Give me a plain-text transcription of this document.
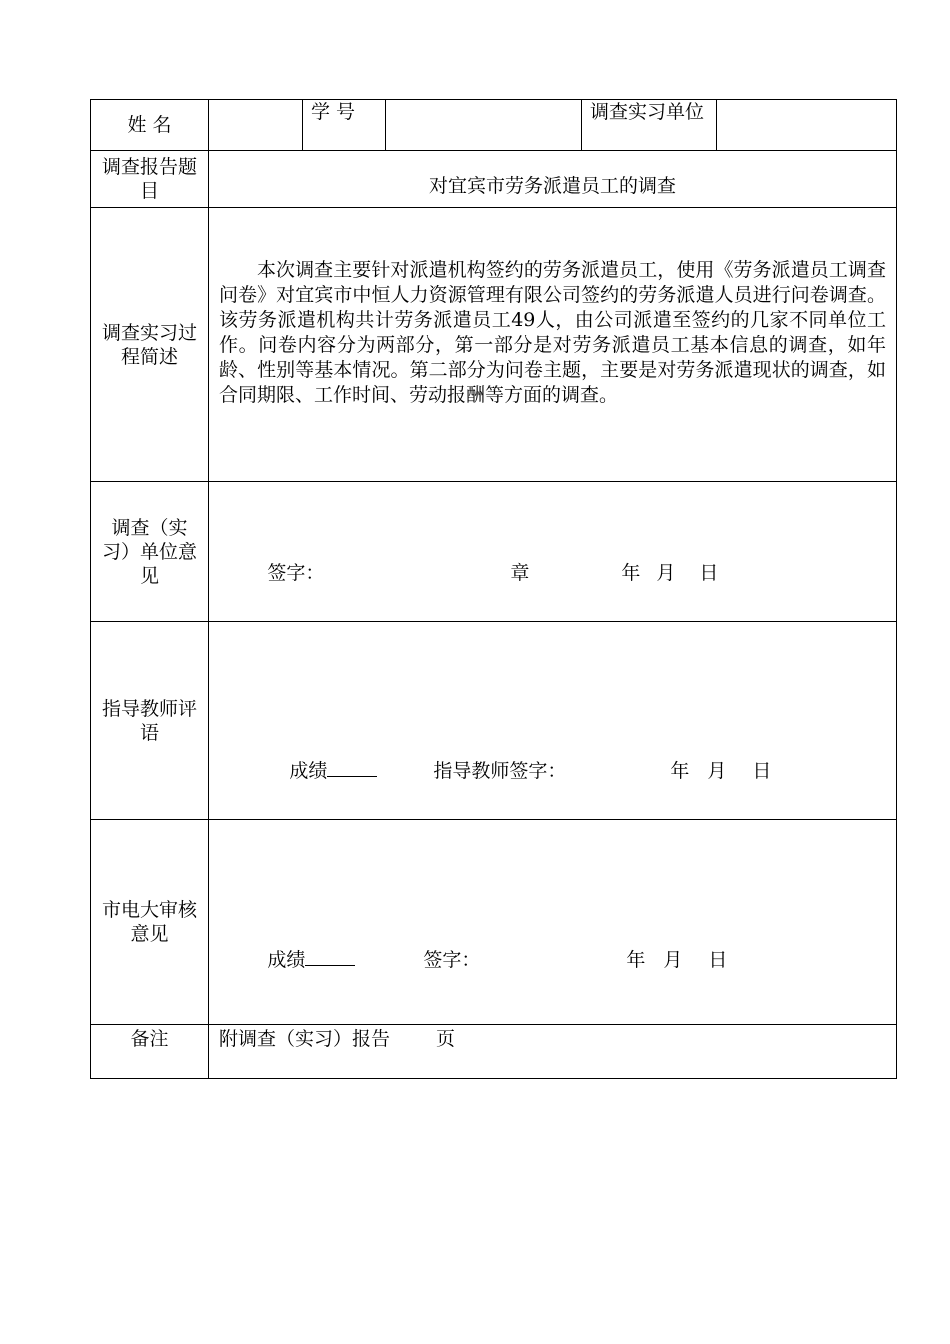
姓 名		学 号		调查实习单位	

调查报告题目	对宜宾市劳务派遣员工的调查				

调查实习过程简述	本次调查主要针对派遣机构签约的劳务派遣员工，使用《劳务派遣员工调查问卷》对宜宾市中恒人力资源管理有限公司签约的劳务派遣人员进行问卷调查。该劳务派遣机构共计劳务派遣员工49人，由公司派遣至签约的几家不同单位工作。问卷内容分为两部分，第一部分是对劳务派遣员工基本信息的调查，如年龄、性别等基本情况。第二部分为问卷主题，主要是对劳务派遣现状的调查，如合同期限、工作时间、劳动报酬等方面的调查。				

调查（实习）单位意见	签字： 章 年 月 日				

指导教师评语	成绩 指导教师签字： 年 月 日				

市电大审核
意见	成绩 签字： 年 月 日				

备注	附调查（实习）报告 页				
